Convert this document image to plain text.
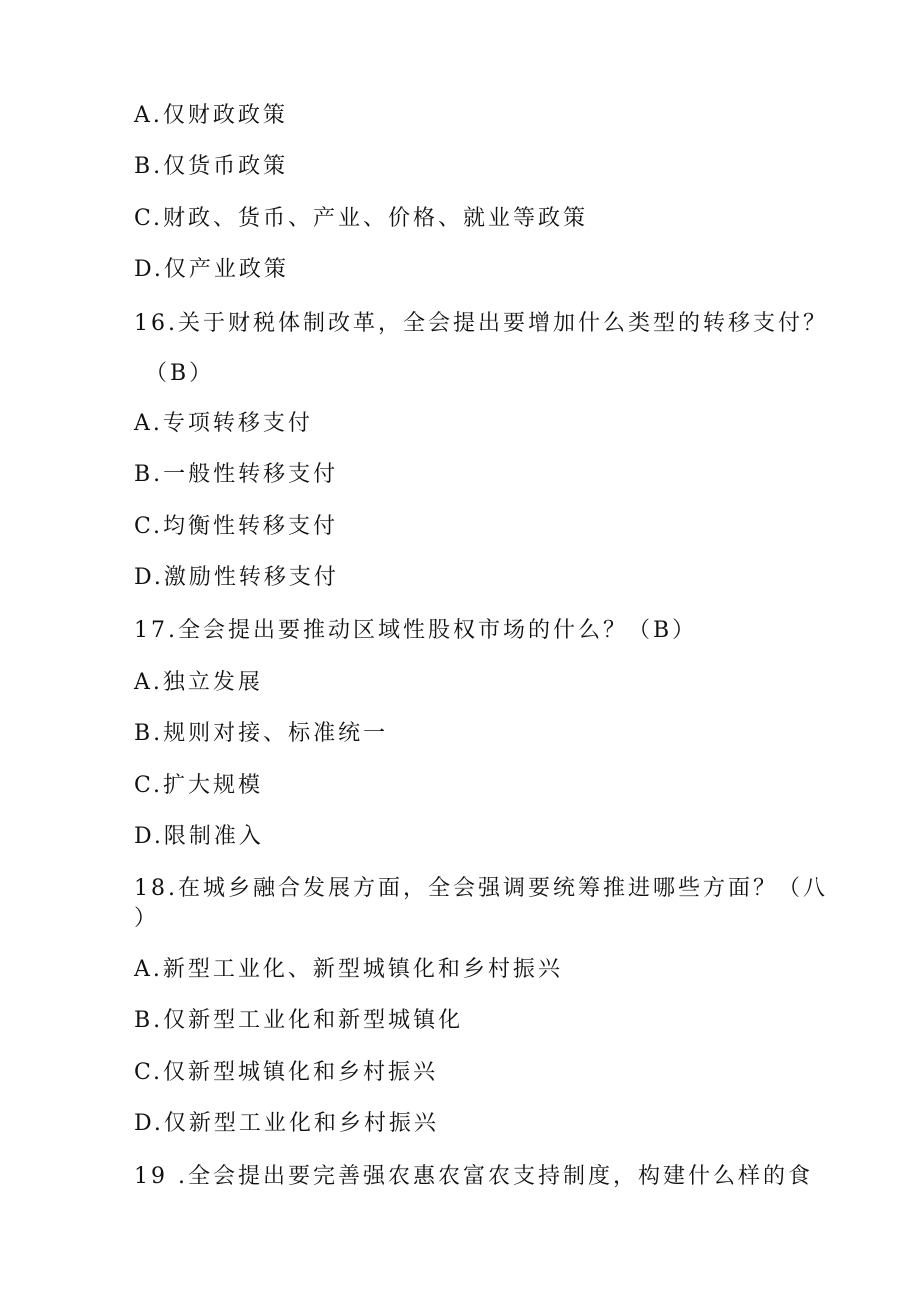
A.仅财政政策
B.仅货币政策
C.财政、货币、产业、价格、就业等政策
D.仅产业政策
16.关于财税体制改革，全会提出要增加什么类型的转移支付？
（B）
A.专项转移支付
B.一般性转移支付
C.均衡性转移支付
D.激励性转移支付
17.全会提出要推动区域性股权市场的什么？（B）
A.独立发展
B.规则对接、标准统一
C.扩大规模
D.限制准入
18.在城乡融合发展方面，全会强调要统筹推进哪些方面？（八
）
A.新型工业化、新型城镇化和乡村振兴
B.仅新型工业化和新型城镇化
C.仅新型城镇化和乡村振兴
D.仅新型工业化和乡村振兴
19 .全会提出要完善强农惠农富农支持制度，构建什么样的食
